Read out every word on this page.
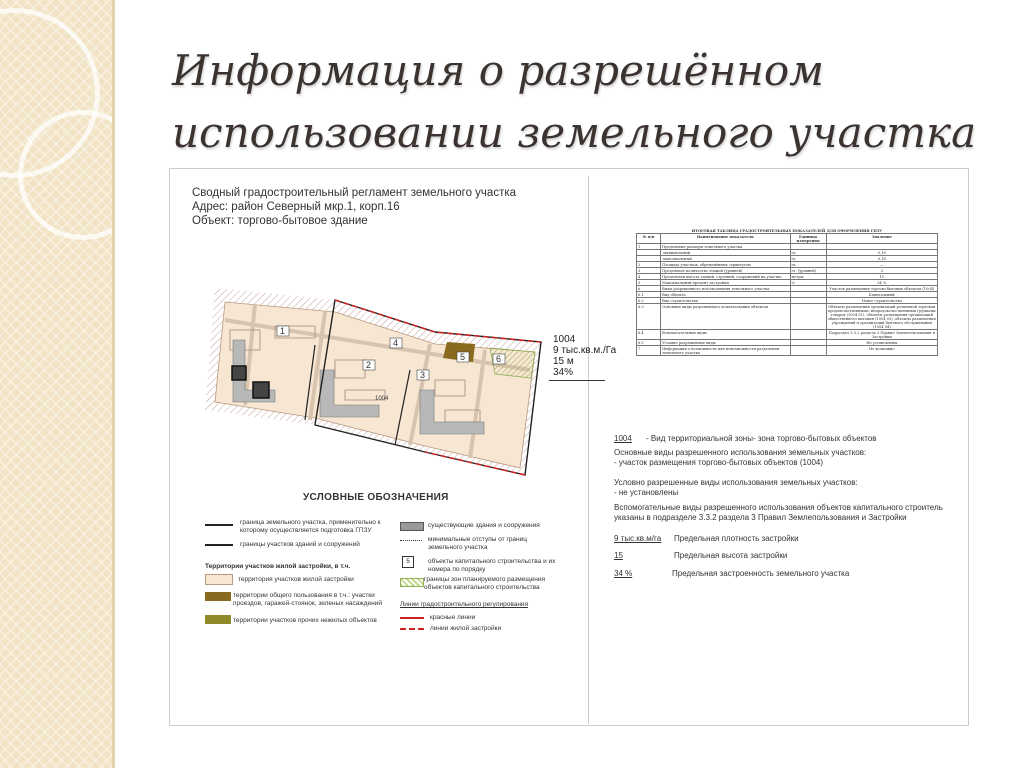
Информация о разрешённом
использовании земельного участка
Сводный градостроительный регламент земельного участка
Адрес: район Северный мкр.1, корп.16
Объект: торгово-бытовое здание
1
2
3
4
5	6
1004
1004
9 тыс.кв.м./Га
15 м
34%
УСЛОВНЫЕ ОБОЗНАЧЕНИЯ
граница земельного участка, применительно к которому осуществляется подготовка ГПЗУ
границы участков зданий и сооружений
Территории участков жилой застройки, в т.ч.
территория участков жилой застройки
территории общего пользования в т.ч.: участки проездов, гаражей-стоянок, зеленых насаждений
территории участков прочих нежилых объектов
существующие здания и сооружения
минимальные отступы от границ земельного участка
5	объекты капитального строительства и их номера по порядку
границы зон планируемого размещения объектов капитального строительства
Линии градостроительного регулирования
красные линии
линии жилой застройки
ИТОГОВАЯ ТАБЛИЦА ГРАДОСТРОИТЕЛЬНЫХ ПОКАЗАТЕЛЕЙ ДЛЯ ОФОРМЛЕНИЯ ГПЗУ			
№ п/п	Наименование показателя	Единица измерения	Значение
1	Предельные размеры земельного участка		
	-минимальный	га	0,16
	-максимальный	га	0,16
2	Площадь участков, обременённых сервитутом	га	—
3	Предельное количество этажей (уровней)	эт. (уровней)	3
4	Предельная высота зданий, строений, сооружений на участке	метры	15
5	Максимальный процент застройки	%	34 %
6	Виды разрешенного использования земельного участка		Участок размещения торгово-бытовых объектов (1004)
6.1	Вид объекта		Капитальный
6.2	Вид строительства		Новое строительство
6.3	Основные виды разрешенного использования объектов		Объекты размещения организаций розничной торговли продовольственными, непродовольственными группами товаров (1004 01), объекты размещения организаций общественного питания (1004 03), объекты размещения учреждений и организаций бытового обслуживания (1004 04)
6.4	Вспомогательные виды		Подраздел 3.3.2 раздела 3 Правил Землепользования и Застройки
6.5	Условно разрешенные виды		Не установлены
7	Информация о возможности или невозможности разделения земельного участка		Не возможно
1004 - Вид территориальной зоны- зона торгово-бытовых объектов
Основные виды разрешенного использования земельных участков:
- участок размещения торгово-бытовых объектов (1004)
Условно разрешенные виды использования земельных участков:
- не установлены
Вспомогательные виды разрешенного использования объектов капитального строитель
указаны в подразделе 3.3.2 раздела 3 Правил Землепользования и Застройки
9 тыс.кв.м/га Предельная плотность застройки
15	Предельная высота застройки
34 %	Предельная застроенность земельного участка
